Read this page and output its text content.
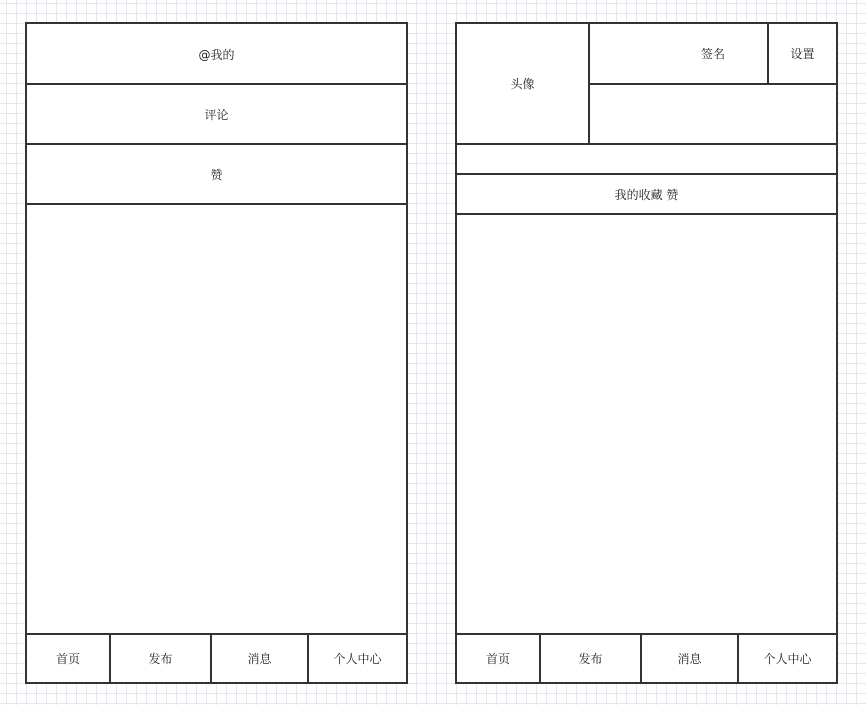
@我的
评论
赞
首页	发布	消息	个人中心
头像
签名	设置
我的收藏 赞
首页	发布	消息	个人中心
